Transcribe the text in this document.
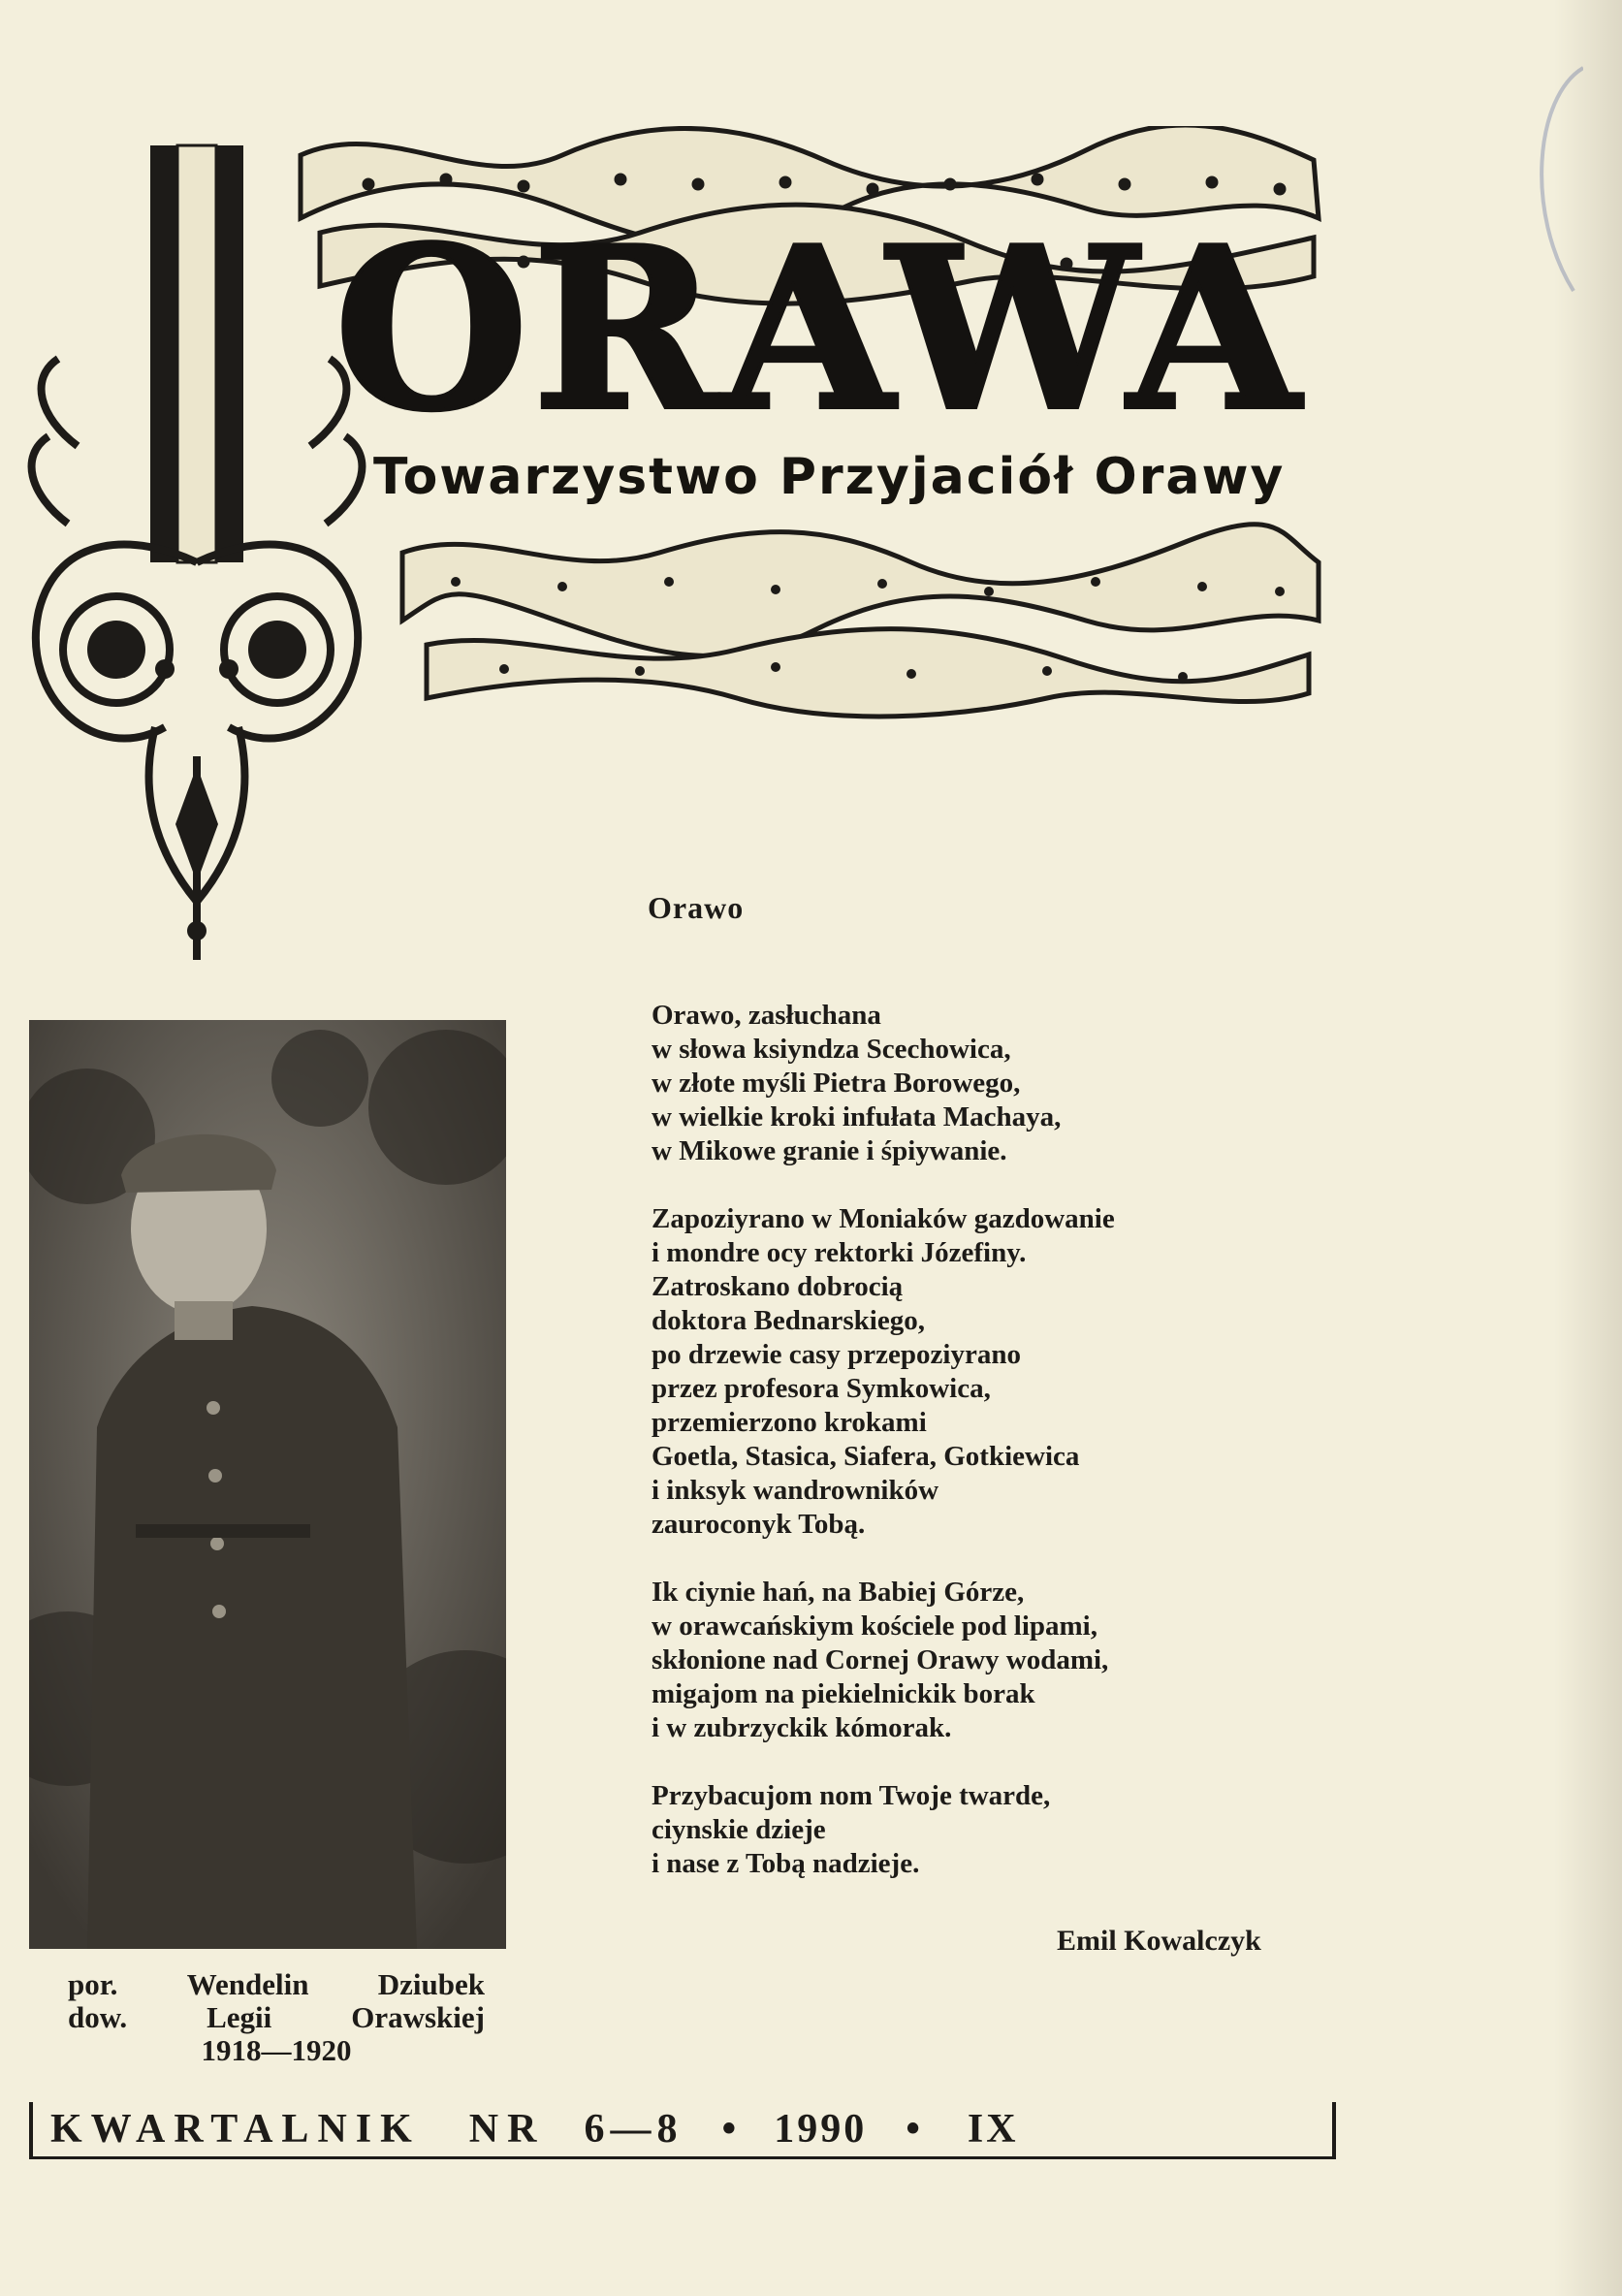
ORAWA
Towarzystwo Przyjaciół Orawy
Orawo
Orawo, zasłuchana
w słowa ksiyndza Scechowica,
w złote myśli Pietra Borowego,
w wielkie kroki infułata Machaya,
w Mikowe granie i śpiywanie.
Zapoziyrano w Moniaków gazdowanie
i mondre ocy rektorki Józefiny.
Zatroskano dobrocią
doktora Bednarskiego,
po drzewie casy przepoziyrano
przez profesora Symkowica,
przemierzono krokami
Goetla, Stasica, Siafera, Gotkiewica
i inksyk wandrowników
zauroconyk Tobą.
Ik ciynie hań, na Babiej Górze,
w orawcańskiym kościele pod lipami,
skłonione nad Cornej Orawy wodami,
migajom na piekielnickik borak
i w zubrzyckik kómorak.
Przybacujom nom Twoje twarde,
ciynskie dzieje
i nase z Tobą nadzieje.
Emil Kowalczyk
por. Wendelin Dziubek
dow.	Legii	Orawskiej
1918—1920
KWARTALNIK NR 6—8 • 1990 • IX
